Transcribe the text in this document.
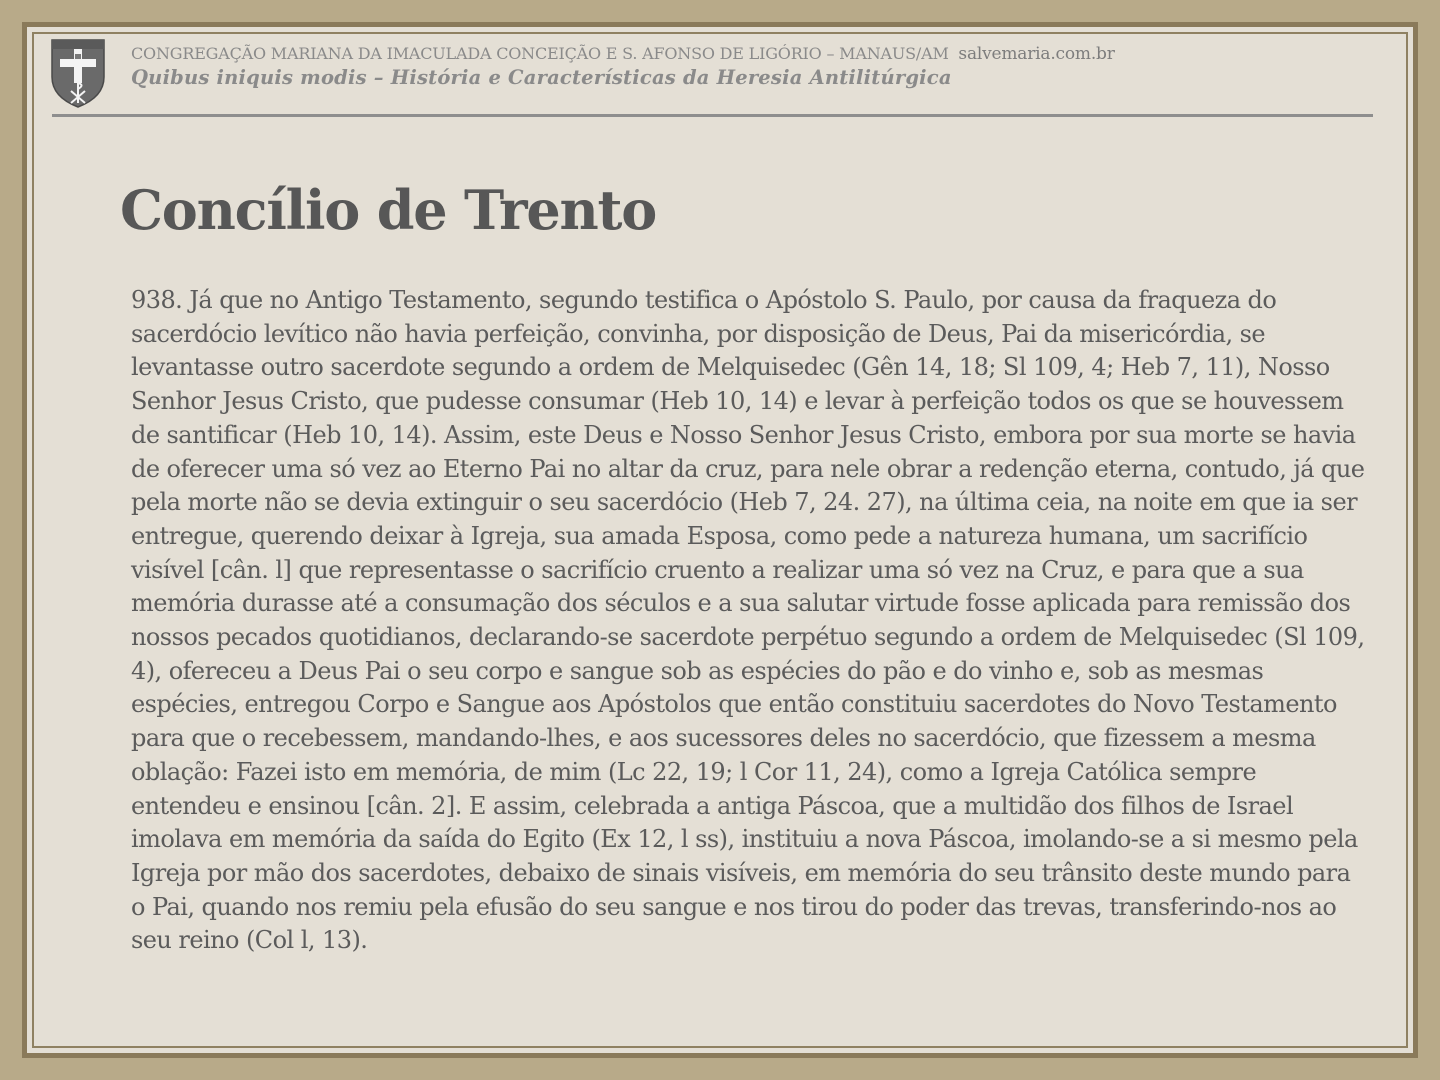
CONGREGAÇÃO MARIANA DA IMACULADA CONCEIÇÃO E S. AFONSO DE LIGÓRIO – MANAUS/AM salvemaria.com.br
Quibus iniquis modis – História e Características da Heresia Antilitúrgica
Concílio de Trento

938. Já que no Antigo Testamento, segundo testifica o Apóstolo S. Paulo, por causa da fraqueza do sacerdócio levítico não havia perfeição, convinha, por disposição de Deus, Pai da misericórdia, se levantasse outro sacerdote segundo a ordem de Melquisedec (Gên 14, 18; Sl 109, 4; Heb 7, 11), Nosso Senhor Jesus Cristo, que pudesse consumar (Heb 10, 14) e levar à perfeição todos os que se houvessem de santificar (Heb 10, 14). Assim, este Deus e Nosso Senhor Jesus Cristo, embora por sua morte se havia de oferecer uma só vez ao Eterno Pai no altar da cruz, para nele obrar a redenção eterna, contudo, já que pela morte não se devia extinguir o seu sacerdócio (Heb 7, 24. 27), na última ceia, na noite em que ia ser entregue, querendo deixar à Igreja, sua amada Esposa, como pede a natureza humana, um sacrifício visível [cân. l] que representasse o sacrifício cruento a realizar uma só vez na Cruz, e para que a sua memória durasse até a consumação dos séculos e a sua salutar virtude fosse aplicada para remissão dos nossos pecados quotidianos, declarando-se sacerdote perpétuo segundo a ordem de Melquisedec (Sl 109, 4), ofereceu a Deus Pai o seu corpo e sangue sob as espécies do pão e do vinho e, sob as mesmas espécies, entregou Corpo e Sangue aos Apóstolos que então constituiu sacerdotes do Novo Testamento para que o recebessem, mandando-lhes, e aos sucessores deles no sacerdócio, que fizessem a mesma oblação: Fazei isto em memória, de mim (Lc 22, 19; l Cor 11, 24), como a Igreja Católica sempre entendeu e ensinou [cân. 2]. E assim, celebrada a antiga Páscoa, que a multidão dos filhos de Israel imolava em memória da saída do Egito (Ex 12, l ss), instituiu a nova Páscoa, imolando-se a si mesmo pela Igreja por mão dos sacerdotes, debaixo de sinais visíveis, em memória do seu trânsito deste mundo para o Pai, quando nos remiu pela efusão do seu sangue e nos tirou do poder das trevas, transferindo-nos ao seu reino (Col l, 13).
